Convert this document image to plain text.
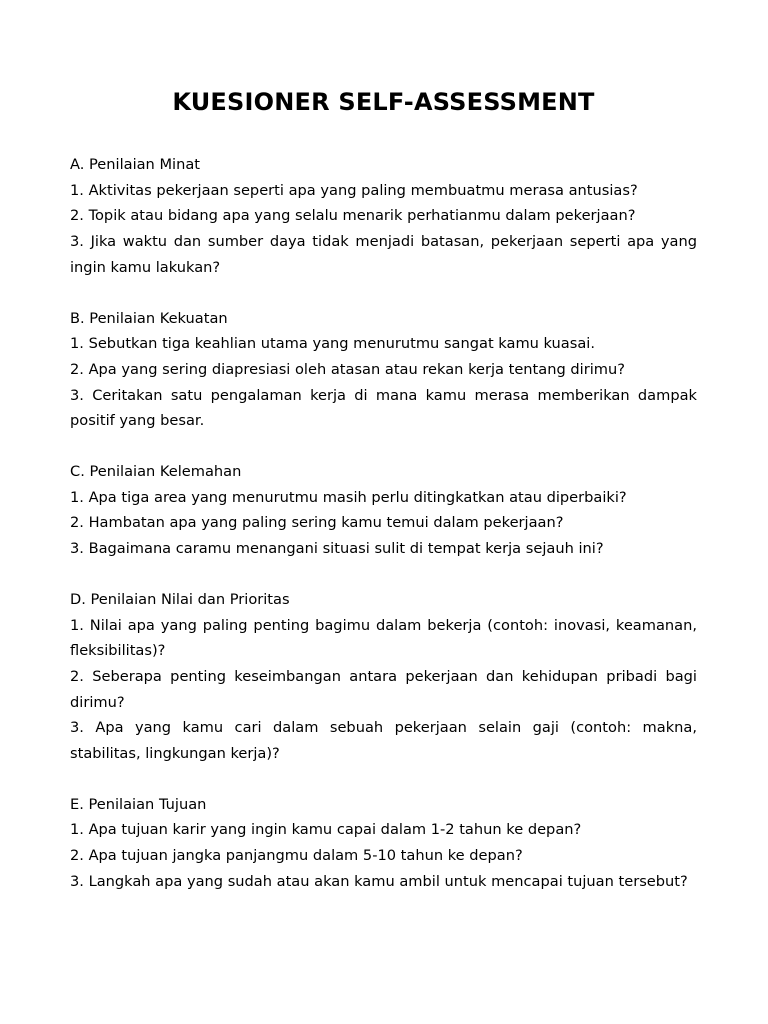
KUESIONER SELF-ASSESSMENT
A. Penilaian Minat
1. Aktivitas pekerjaan seperti apa yang paling membuatmu merasa antusias?
2. Topik atau bidang apa yang selalu menarik perhatianmu dalam pekerjaan?
3. Jika waktu dan sumber daya tidak menjadi batasan, pekerjaan seperti apa yang ingin kamu lakukan?
B. Penilaian Kekuatan
1. Sebutkan tiga keahlian utama yang menurutmu sangat kamu kuasai.
2. Apa yang sering diapresiasi oleh atasan atau rekan kerja tentang dirimu?
3. Ceritakan satu pengalaman kerja di mana kamu merasa memberikan dampak positif yang besar.
C. Penilaian Kelemahan
1. Apa tiga area yang menurutmu masih perlu ditingkatkan atau diperbaiki?
2. Hambatan apa yang paling sering kamu temui dalam pekerjaan?
3. Bagaimana caramu menangani situasi sulit di tempat kerja sejauh ini?
D. Penilaian Nilai dan Prioritas
1. Nilai apa yang paling penting bagimu dalam bekerja (contoh: inovasi, keamanan, fleksibilitas)?
2. Seberapa penting keseimbangan antara pekerjaan dan kehidupan pribadi bagi dirimu?
3. Apa yang kamu cari dalam sebuah pekerjaan selain gaji (contoh: makna, stabilitas, lingkungan kerja)?
E. Penilaian Tujuan
1. Apa tujuan karir yang ingin kamu capai dalam 1-2 tahun ke depan?
2. Apa tujuan jangka panjangmu dalam 5-10 tahun ke depan?
3. Langkah apa yang sudah atau akan kamu ambil untuk mencapai tujuan tersebut?
